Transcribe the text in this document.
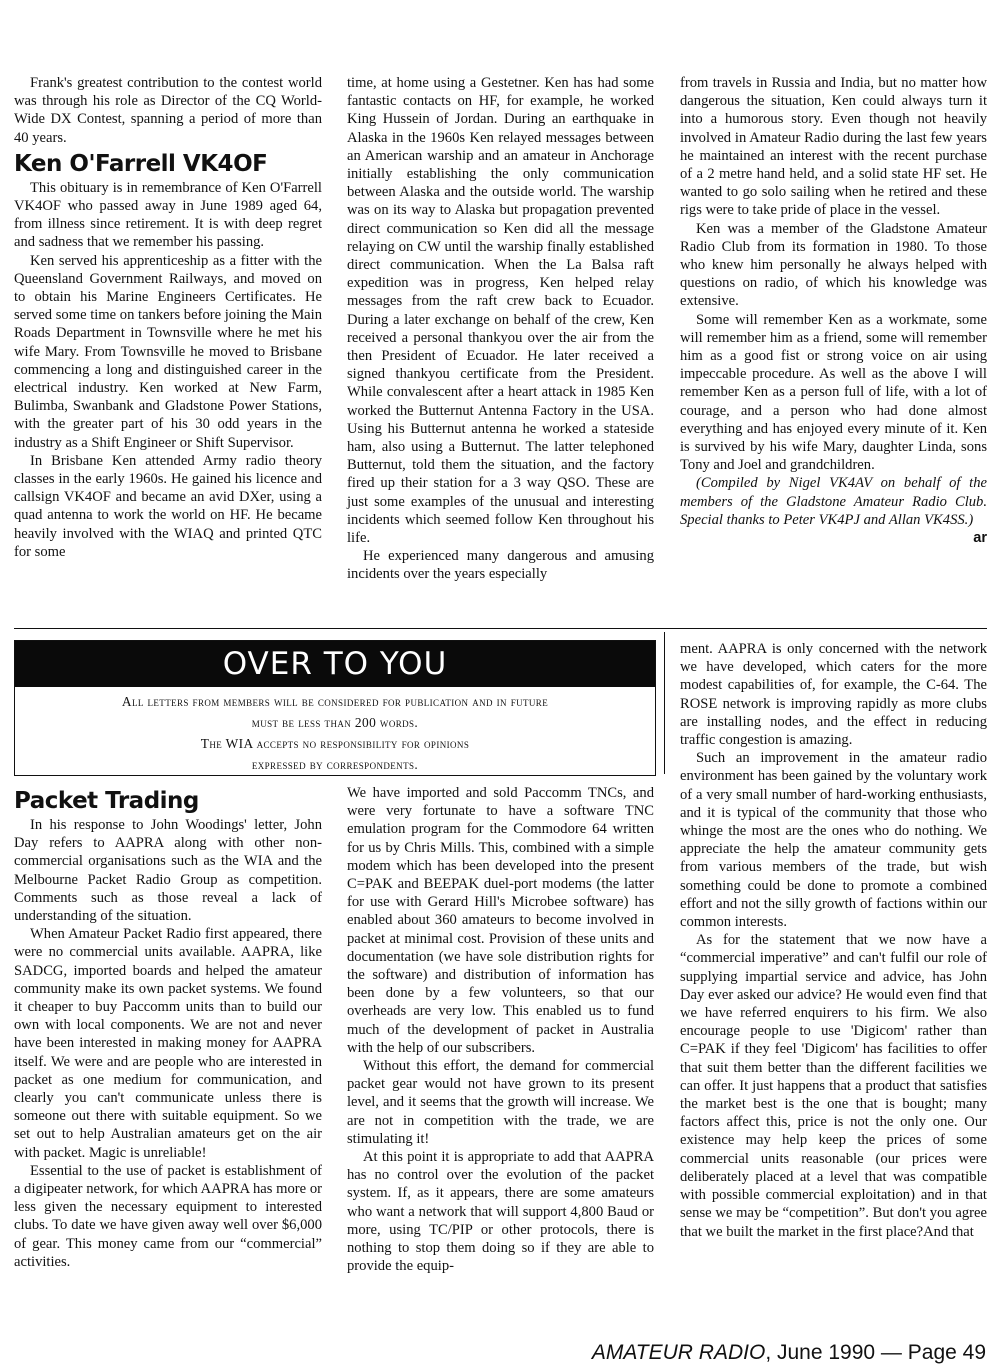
Frank's greatest contribution to the contest world was through his role as Director of the CQ World-Wide DX Contest, spanning a period of more than 40 years.

Ken O'Farrell VK4OF

This obituary is in remembrance of Ken O'Farrell VK4OF who passed away in June 1989 aged 64, from illness since retirement. It is with deep regret and sadness that we remember his passing.

Ken served his apprenticeship as a fitter with the Queensland Government Railways, and moved on to obtain his Marine Engineers Certificates. He served some time on tankers before joining the Main Roads Department in Townsville where he met his wife Mary. From Townsville he moved to Brisbane commencing a long and distinguished career in the electrical industry. Ken worked at New Farm, Bulimba, Swanbank and Gladstone Power Stations, with the greater part of his 30 odd years in the industry as a Shift Engineer or Shift Supervisor.

In Brisbane Ken attended Army radio theory classes in the early 1960s. He gained his licence and callsign VK4OF and became an avid DXer, using a quad antenna to work the world on HF. He became heavily involved with the WIAQ and printed QTC for some

time, at home using a Gestetner. Ken has had some fantastic contacts on HF, for example, he worked King Hussein of Jordan. During an earthquake in Alaska in the 1960s Ken relayed messages between an American warship and an amateur in Anchorage initially establishing the only communication between Alaska and the outside world. The warship was on its way to Alaska but propagation prevented direct communication so Ken did all the message relaying on CW until the warship finally established direct communication. When the La Balsa raft expedition was in progress, Ken helped relay messages from the raft crew back to Ecuador. During a later exchange on behalf of the crew, Ken received a personal thankyou over the air from the then President of Ecuador. He later received a signed thankyou certificate from the President. While convalescent after a heart attack in 1985 Ken worked the Butternut Antenna Factory in the USA. Using his Butternut antenna he worked a stateside ham, also using a Butternut. The latter telephoned Butternut, told them the situation, and the factory fired up their station for a 3 way QSO. These are just some examples of the unusual and interesting incidents which seemed follow Ken throughout his life.

He experienced many dangerous and amusing incidents over the years especially

from travels in Russia and India, but no matter how dangerous the situation, Ken could always turn it into a humorous story. Even though not heavily involved in Amateur Radio during the last few years he maintained an interest with the recent purchase of a 2 metre hand held, and a solid state HF set. He wanted to go solo sailing when he retired and these rigs were to take pride of place in the vessel.

Ken was a member of the Gladstone Amateur Radio Club from its formation in 1980. To those who knew him personally he always helped with questions on radio, of which his knowledge was extensive.

Some will remember Ken as a workmate, some will remember him as a friend, some will remember him as a good fist or strong voice on air using impeccable procedure. As well as the above I will remember Ken as a person full of life, with a lot of courage, and a person who had done almost everything and has enjoyed every minute of it. Ken is survived by his wife Mary, daughter Linda, sons Tony and Joel and grandchildren.

(Compiled by Nigel VK4AV on behalf of the members of the Gladstone Amateur Radio Club. Special thanks to Peter VK4PJ and Allan VK4SS.)
ar

OVER TO YOU
All letters from members will be considered for publication and in future
must be less than 200 words.
The WIA accepts no responsibility for opinions
expressed by correspondents.
Packet Trading

In his response to John Woodings' letter, John Day refers to AAPRA along with other non-commercial organisations such as the WIA and the Melbourne Packet Radio Group as competition. Comments such as those reveal a lack of understanding of the situation.

When Amateur Packet Radio first appeared, there were no commercial units available. AAPRA, like SADCG, imported boards and helped the amateur community make its own packet systems. We found it cheaper to buy Paccomm units than to build our own with local components. We are not and never have been interested in making money for AAPRA itself. We were and are people who are interested in packet as one medium for communication, and clearly you can't communicate unless there is someone out there with suitable equipment. So we set out to help Australian amateurs get on the air with packet. Magic is unreliable!

Essential to the use of packet is establishment of a digipeater network, for which AAPRA has more or less given the necessary equipment to interested clubs. To date we have given away well over $6,000 of gear. This money came from our “commercial” activities.

We have imported and sold Paccomm TNCs, and were very fortunate to have a software TNC emulation program for the Commodore 64 written for us by Chris Mills. This, combined with a simple modem which has been developed into the present C=PAK and BEEPAK duel-port modems (the latter for use with Gerard Hill's Microbee software) has enabled about 360 amateurs to become involved in packet at minimal cost. Provision of these units and documentation (we have sole distribution rights for the software) and distribution of information has been done by a few volunteers, so that our overheads are very low. This enabled us to fund much of the development of packet in Australia with the help of our subscribers.

Without this effort, the demand for commercial packet gear would not have grown to its present level, and it seems that the growth will increase. We are not in competition with the trade, we are stimulating it!

At this point it is appropriate to add that AAPRA has no control over the evolution of the packet system. If, as it appears, there are some amateurs who want a network that will support 4,800 Baud or more, using TC/PIP or other protocols, there is nothing to stop them doing so if they are able to provide the equip-

ment. AAPRA is only concerned with the network we have developed, which caters for the more modest capabilities of, for example, the C-64. The ROSE network is improving rapidly as more clubs are installing nodes, and the effect in reducing traffic congestion is amazing.

Such an improvement in the amateur radio environment has been gained by the voluntary work of a very small number of hard-working enthusiasts, and it is typical of the community that those who whinge the most are the ones who do nothing. We appreciate the help the amateur community gets from various members of the trade, but wish something could be done to promote a combined effort and not the silly growth of factions within our common interests.

As for the statement that we now have a “commercial imperative” and can't fulfil our role of supplying impartial service and advice, has John Day ever asked our advice? He would even find that we have referred enquirers to his firm. We also encourage people to use 'Digicom' rather than C=PAK if they feel 'Digicom' has facilities to offer that suit them better than the different facilities we can offer. It just happens that a product that satisfies the market best is the one that is bought; many factors affect this, price is not the only one. Our existence may help keep the prices of some commercial units reasonable (our prices were deliberately placed at a level that was compatible with possible commercial exploitation) and in that sense we may be “competition”. But don't you agree that we built the market in the first place?And that

AMATEUR RADIO, June 1990 — Page 49
